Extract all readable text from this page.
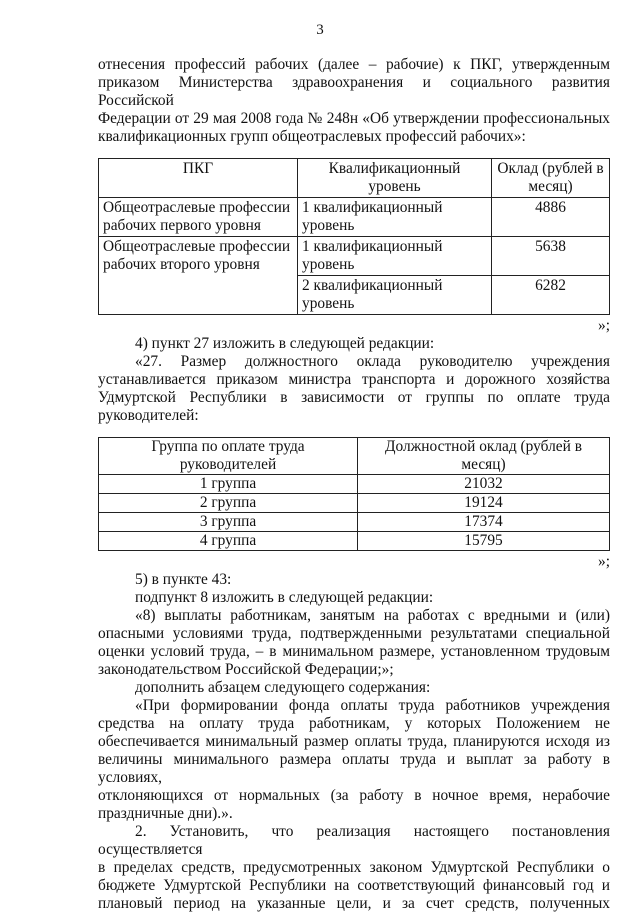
3

отнесения профессий рабочих (далее – рабочие) к ПКГ, утвержденным

приказом Министерства здравоохранения и социального развития Российской

Федерации от 29 мая 2008 года № 248н «Об утверждении профессиональных

квалификационных групп общеотраслевых профессий рабочих»:

ПКГ	Квалификационный уровень	Оклад (рублей в месяц)
Общеотраслевые профессии рабочих первого уровня	1 квалификационный уровень	4886
Общеотраслевые профессии рабочих второго уровня	1 квалификационный уровень	5638
	2 квалификационный уровень	6282

»;

4) пункт 27 изложить в следующей редакции:

«27. Размер должностного оклада руководителю учреждения

устанавливается приказом министра транспорта и дорожного хозяйства

Удмуртской Республики в зависимости от группы по оплате труда

руководителей:

Группа по оплате труда руководителей	Должностной оклад (рублей в месяц)
1 группа	21032
2 группа	19124
3 группа	17374
4 группа	15795

»;

5) в пункте 43:

подпункт 8 изложить в следующей редакции:

«8) выплаты работникам, занятым на работах с вредными и (или)

опасными условиями труда, подтвержденными результатами специальной

оценки условий труда, – в минимальном размере, установленном трудовым

законодательством Российской Федерации;»;

дополнить абзацем следующего содержания:

«При формировании фонда оплаты труда работников учреждения

средства на оплату труда работникам, у которых Положением не

обеспечивается минимальный размер оплаты труда, планируются исходя из

величины минимального размера оплаты труда и выплат за работу в условиях,

отклоняющихся от нормальных (за работу в ночное время, нерабочие

праздничные дни).».

2. Установить, что реализация настоящего постановления осуществляется

в пределах средств, предусмотренных законом Удмуртской Республики о

бюджете Удмуртской Республики на соответствующий финансовый год и

плановый период на указанные цели, и за счет средств, полученных
